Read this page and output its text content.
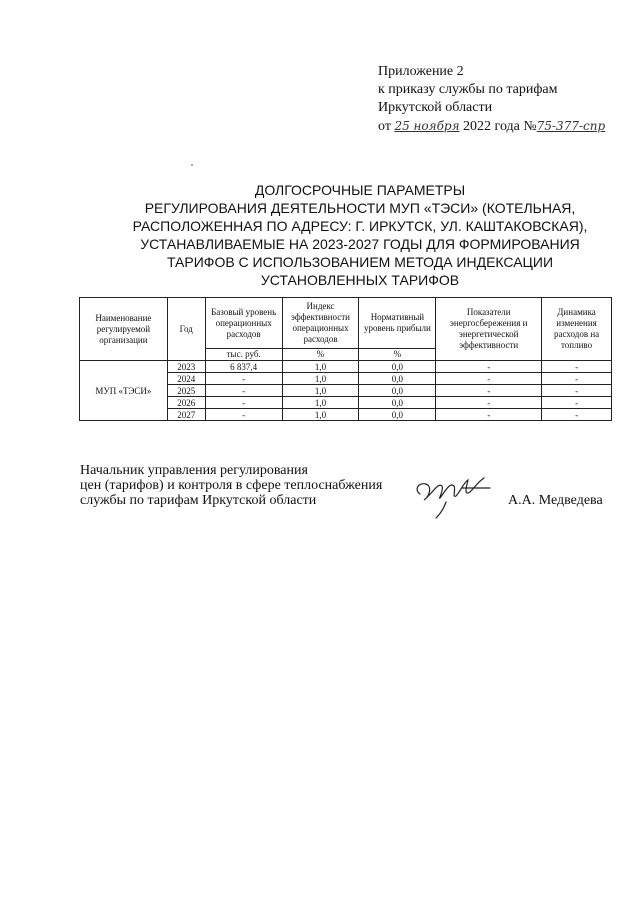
Приложение 2
к приказу службы по тарифам
Иркутской области
от 25 ноября 2022 года №75-377-спр
ДОЛГОСРОЧНЫЕ ПАРАМЕТРЫ
РЕГУЛИРОВАНИЯ ДЕЯТЕЛЬНОСТИ МУП «ТЭСИ» (КОТЕЛЬНАЯ,
РАСПОЛОЖЕННАЯ ПО АДРЕСУ: Г. ИРКУТСК, УЛ. КАШТАКОВСКАЯ),
УСТАНАВЛИВАЕМЫЕ НА 2023-2027 ГОДЫ ДЛЯ ФОРМИРОВАНИЯ
ТАРИФОВ С ИСПОЛЬЗОВАНИЕМ МЕТОДА ИНДЕКСАЦИИ
УСТАНОВЛЕННЫХ ТАРИФОВ
Наименование регулируемой организации	Год	Базовый уровень операционных расходов	Индекс эффективности операционных расходов	Нормативный уровень прибыли	Показатели энергосбережения и энергетической эффективности	Динамика изменения расходов на топливо
		тыс. руб.	%	%		
МУП «ТЭСИ»	2023	6 837,4	1,0	0,0	-	-
	2024	-	1,0	0,0	-	-
	2025	-	1,0	0,0	-	-
	2026	-	1,0	0,0	-	-
	2027	-	1,0	0,0	-	-
Начальник управления регулирования
цен (тарифов) и контроля в сфере теплоснабжения
службы по тарифам Иркутской области	А.А. Медведева
